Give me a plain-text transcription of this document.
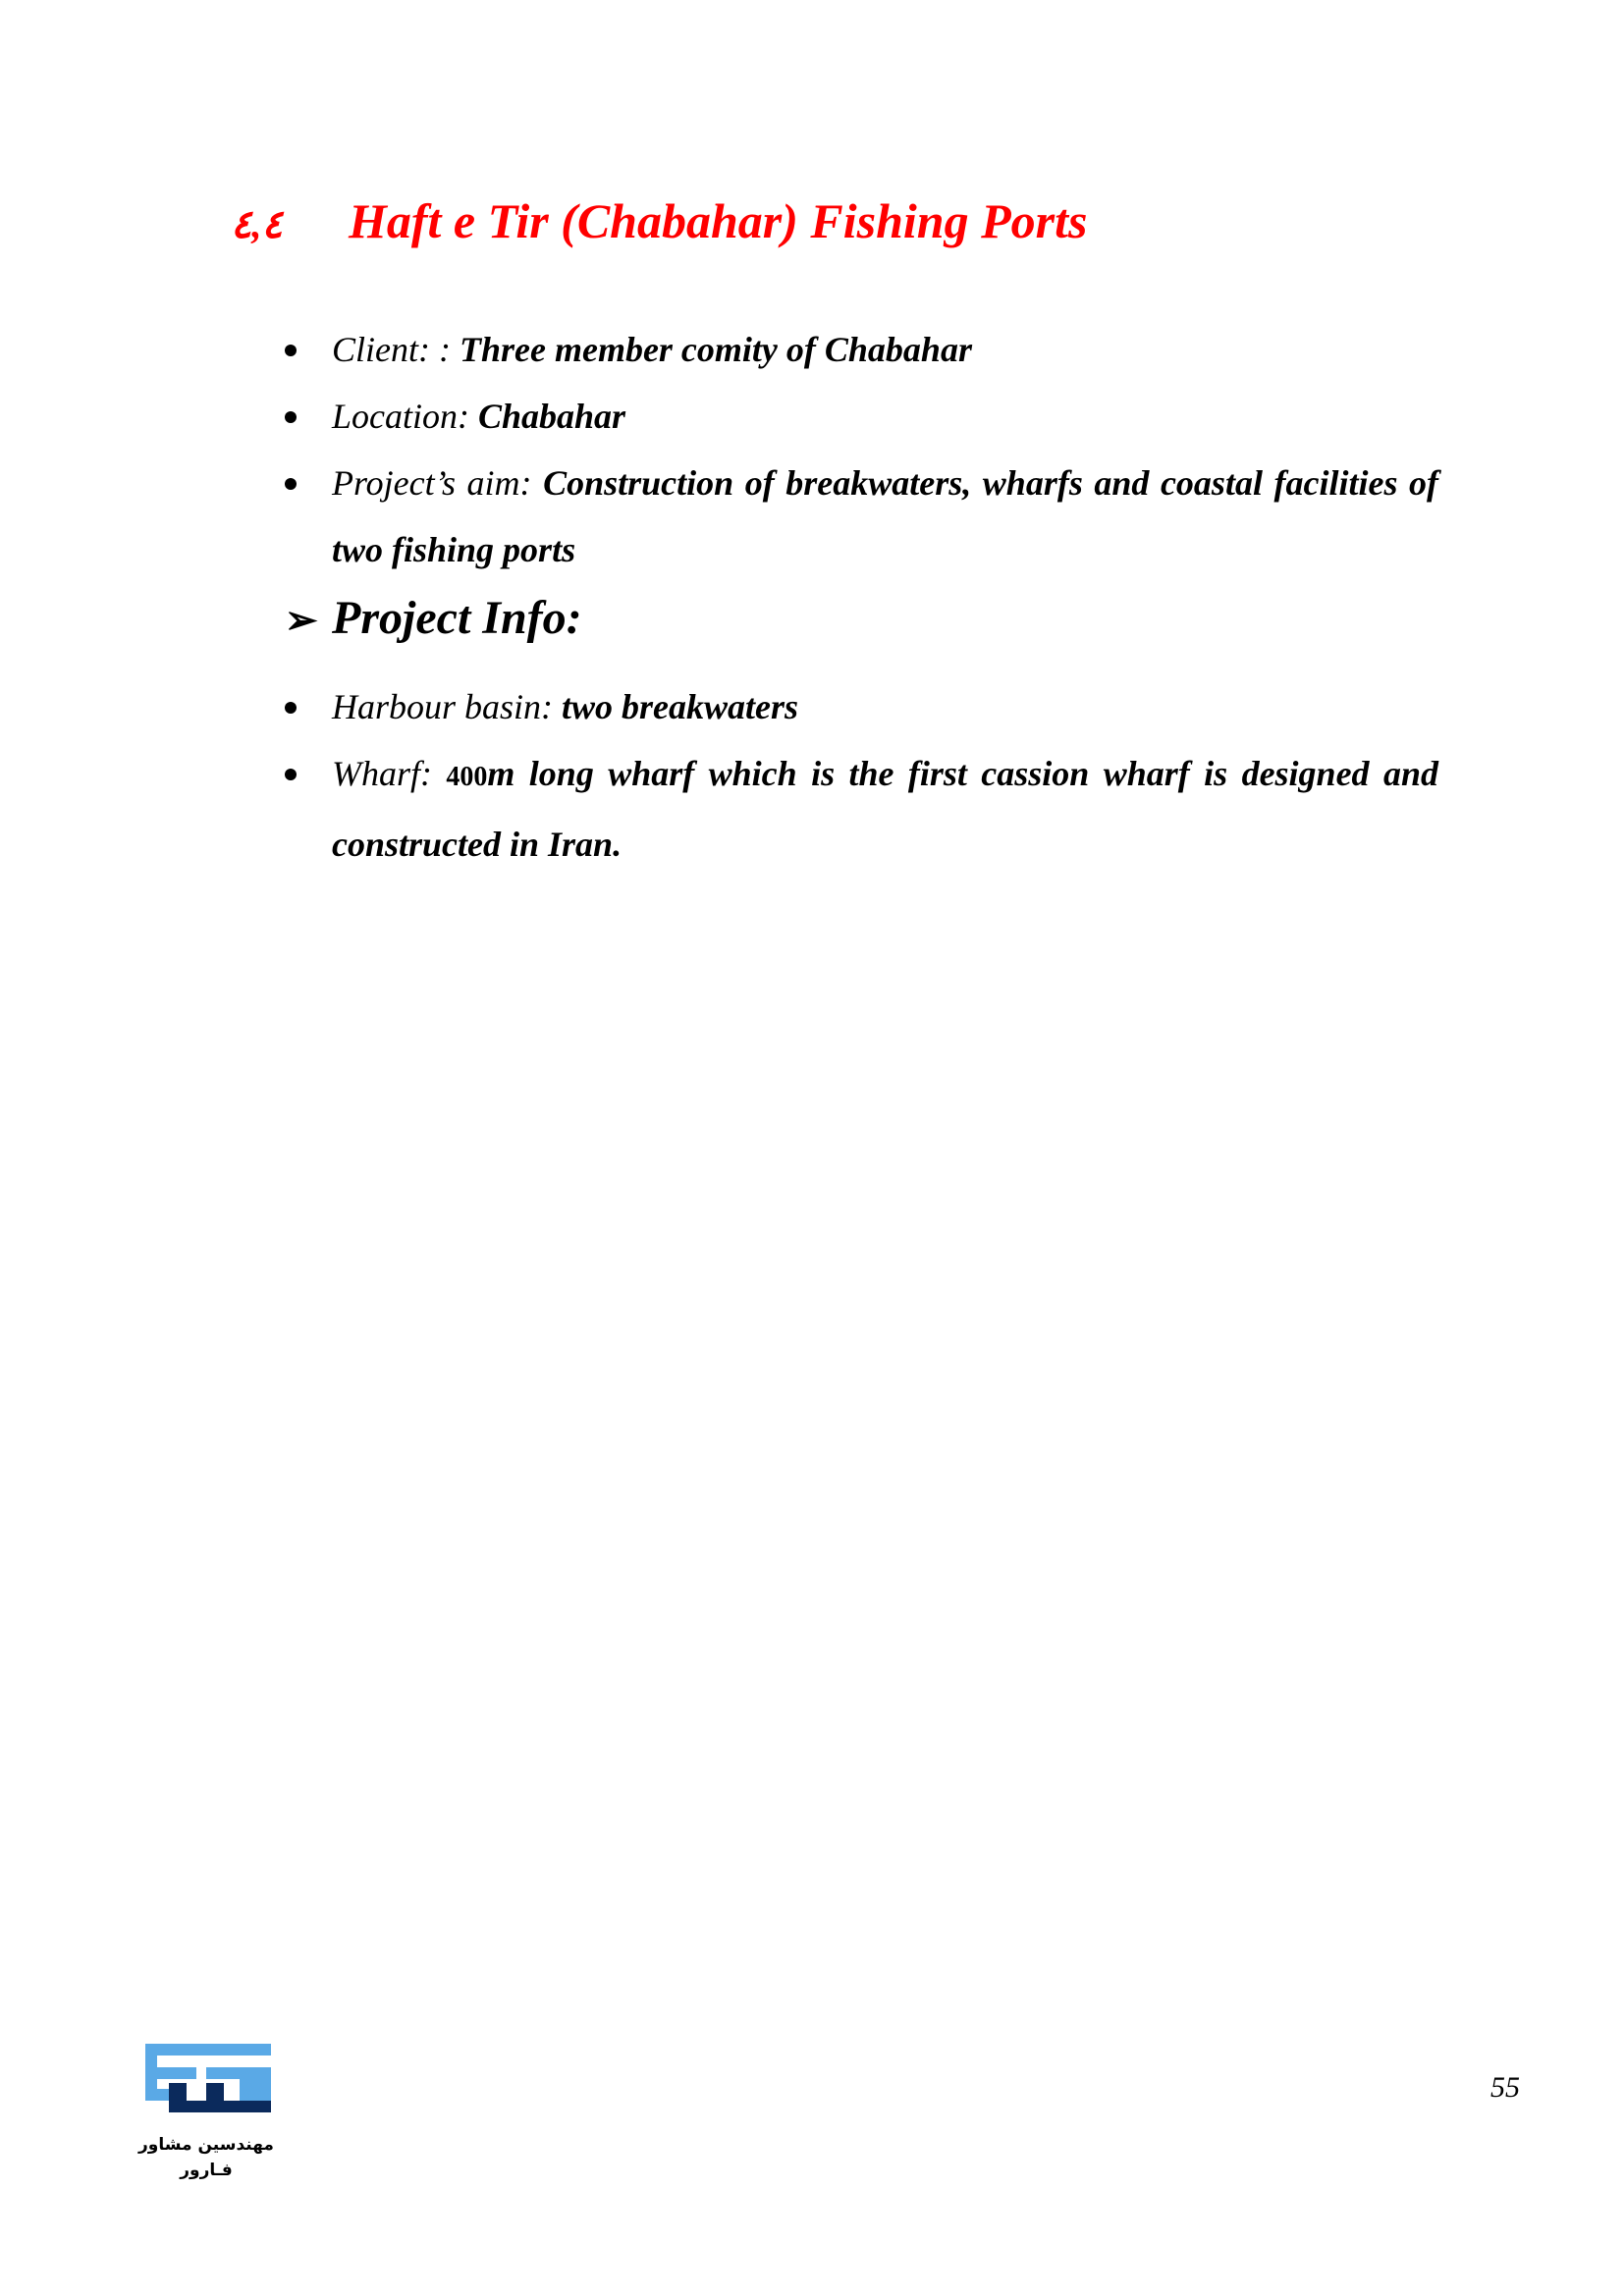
٤,٤ Haft e Tir (Chabahar) Fishing Ports
Client: : Three member comity of Chabahar
Location: Chabahar
Project’s aim: Construction of breakwaters, wharfs and coastal facilities of two fishing ports
➢ Project Info:
Harbour basin: two breakwaters
Wharf: 400m long wharf which is the first cassion wharf is designed and constructed in Iran.
مهندسین مشاور
فـارور
55
